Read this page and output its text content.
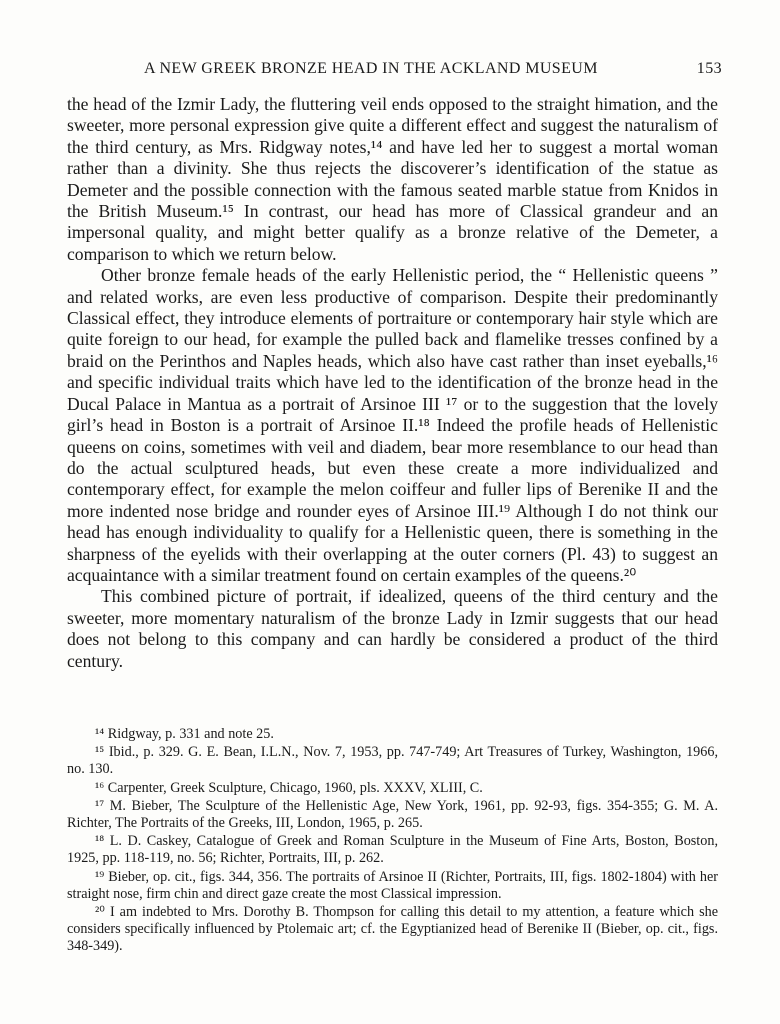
A NEW GREEK BRONZE HEAD IN THE ACKLAND MUSEUM	153

the head of the Izmir Lady, the fluttering veil ends opposed to the straight himation, and the sweeter, more personal expression give quite a different effect and suggest the naturalism of the third century, as Mrs. Ridgway notes,¹⁴ and have led her to suggest a mortal woman rather than a divinity. She thus rejects the discoverer’s identification of the statue as Demeter and the possible connection with the famous seated marble statue from Knidos in the British Museum.¹⁵ In contrast, our head has more of Classical grandeur and an impersonal quality, and might better qualify as a bronze relative of the Demeter, a comparison to which we return below.

Other bronze female heads of the early Hellenistic period, the “ Hellenistic queens ” and related works, are even less productive of comparison. Despite their predominantly Classical effect, they introduce elements of portraiture or contemporary hair style which are quite foreign to our head, for example the pulled back and flamelike tresses confined by a braid on the Perinthos and Naples heads, which also have cast rather than inset eyeballs,¹⁶ and specific individual traits which have led to the identification of the bronze head in the Ducal Palace in Mantua as a portrait of Arsinoe III ¹⁷ or to the suggestion that the lovely girl’s head in Boston is a portrait of Arsinoe II.¹⁸ Indeed the profile heads of Hellenistic queens on coins, sometimes with veil and diadem, bear more resemblance to our head than do the actual sculptured heads, but even these create a more individualized and contemporary effect, for example the melon coiffeur and fuller lips of Berenike II and the more indented nose bridge and rounder eyes of Arsinoe III.¹⁹ Although I do not think our head has enough individuality to qualify for a Hellenistic queen, there is something in the sharpness of the eyelids with their overlapping at the outer corners (Pl. 43) to suggest an acquaintance with a similar treatment found on certain examples of the queens.²⁰

This combined picture of portrait, if idealized, queens of the third century and the sweeter, more momentary naturalism of the bronze Lady in Izmir suggests that our head does not belong to this company and can hardly be considered a product of the third century.

¹⁴ Ridgway, p. 331 and note 25.

¹⁵ Ibid., p. 329. G. E. Bean, I.L.N., Nov. 7, 1953, pp. 747-749; Art Treasures of Turkey, Washington, 1966, no. 130.

¹⁶ Carpenter, Greek Sculpture, Chicago, 1960, pls. XXXV, XLIII, C.

¹⁷ M. Bieber, The Sculpture of the Hellenistic Age, New York, 1961, pp. 92-93, figs. 354-355; G. M. A. Richter, The Portraits of the Greeks, III, London, 1965, p. 265.

¹⁸ L. D. Caskey, Catalogue of Greek and Roman Sculpture in the Museum of Fine Arts, Boston, Boston, 1925, pp. 118-119, no. 56; Richter, Portraits, III, p. 262.

¹⁹ Bieber, op. cit., figs. 344, 356. The portraits of Arsinoe II (Richter, Portraits, III, figs. 1802-1804) with her straight nose, firm chin and direct gaze create the most Classical impression.

²⁰ I am indebted to Mrs. Dorothy B. Thompson for calling this detail to my attention, a feature which she considers specifically influenced by Ptolemaic art; cf. the Egyptianized head of Berenike II (Bieber, op. cit., figs. 348-349).
